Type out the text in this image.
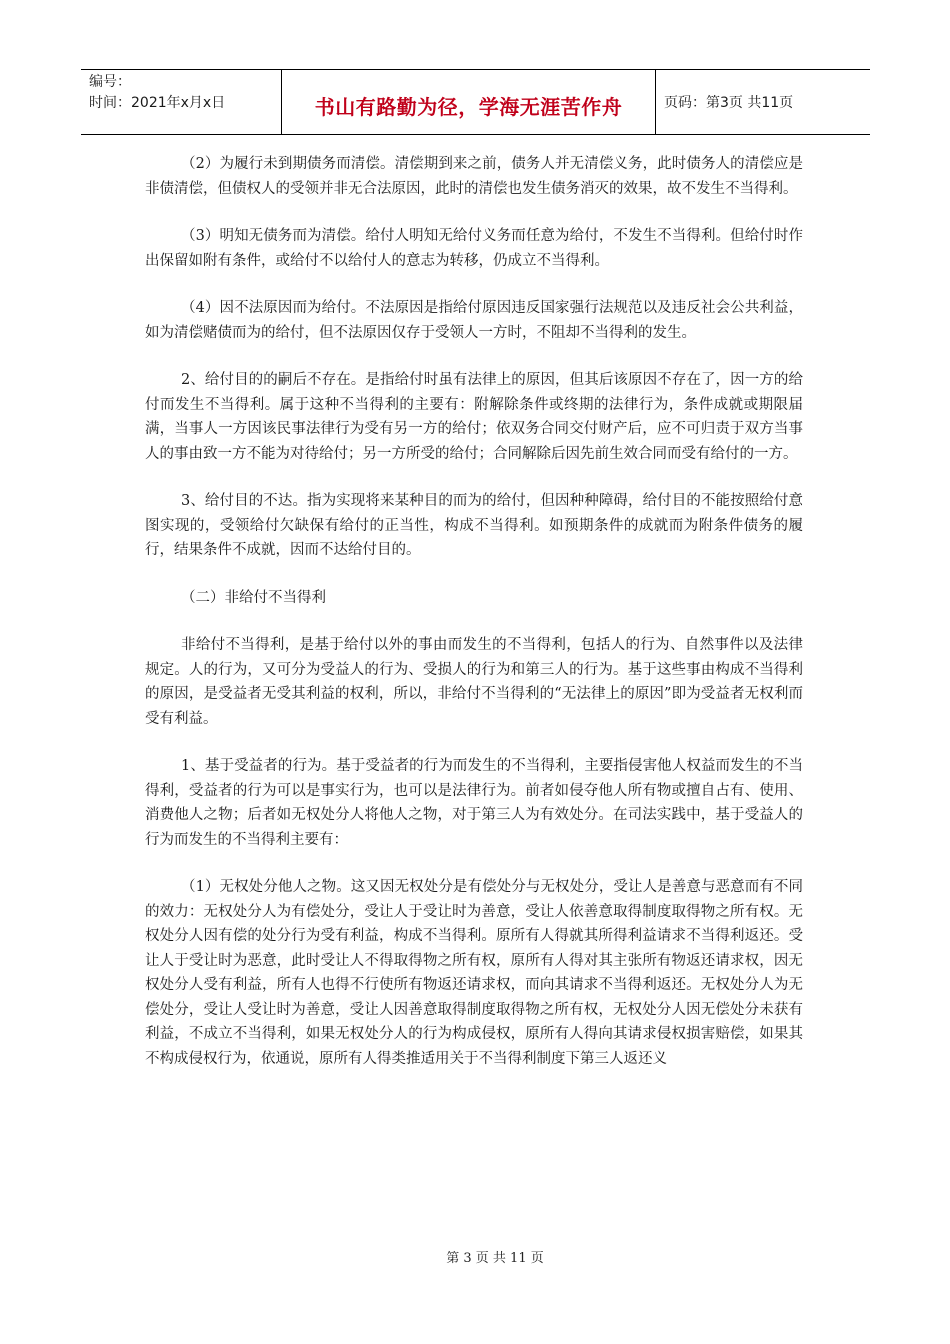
编号：
时间：2021年x月x日	书山有路勤为径，学海无涯苦作舟	页码：第3页 共11页

（2）为履行未到期债务而清偿。清偿期到来之前，债务人并无清偿义务，此时债务人的清偿应是非债清偿，但债权人的受领并非无合法原因，此时的清偿也发生债务消灭的效果，故不发生不当得利。

（3）明知无债务而为清偿。给付人明知无给付义务而任意为给付，不发生不当得利。但给付时作出保留如附有条件，或给付不以给付人的意志为转移，仍成立不当得利。

（4）因不法原因而为给付。不法原因是指给付原因违反国家强行法规范以及违反社会公共利益，如为清偿赌债而为的给付，但不法原因仅存于受领人一方时，不阻却不当得利的发生。

2、给付目的的嗣后不存在。是指给付时虽有法律上的原因，但其后该原因不存在了，因一方的给付而发生不当得利。属于这种不当得利的主要有：附解除条件或终期的法律行为，条件成就或期限届满，当事人一方因该民事法律行为受有另一方的给付；依双务合同交付财产后，应不可归责于双方当事人的事由致一方不能为对待给付；另一方所受的给付；合同解除后因先前生效合同而受有给付的一方。

3、给付目的不达。指为实现将来某种目的而为的给付，但因种种障碍，给付目的不能按照给付意图实现的，受领给付欠缺保有给付的正当性，构成不当得利。如预期条件的成就而为附条件债务的履行，结果条件不成就，因而不达给付目的。

（二）非给付不当得利

非给付不当得利，是基于给付以外的事由而发生的不当得利，包括人的行为、自然事件以及法律规定。人的行为，又可分为受益人的行为、受损人的行为和第三人的行为。基于这些事由构成不当得利的原因，是受益者无受其利益的权利，所以，非给付不当得利的“无法律上的原因”即为受益者无权利而受有利益。

1、基于受益者的行为。基于受益者的行为而发生的不当得利，主要指侵害他人权益而发生的不当得利，受益者的行为可以是事实行为，也可以是法律行为。前者如侵夺他人所有物或擅自占有、使用、消费他人之物；后者如无权处分人将他人之物，对于第三人为有效处分。在司法实践中，基于受益人的行为而发生的不当得利主要有：

（1）无权处分他人之物。这又因无权处分是有偿处分与无权处分，受让人是善意与恶意而有不同的效力：无权处分人为有偿处分，受让人于受让时为善意，受让人依善意取得制度取得物之所有权。无权处分人因有偿的处分行为受有利益，构成不当得利。原所有人得就其所得利益请求不当得利返还。受让人于受让时为恶意，此时受让人不得取得物之所有权，原所有人得对其主张所有物返还请求权，因无权处分人受有利益，所有人也得不行使所有物返还请求权，而向其请求不当得利返还。无权处分人为无偿处分，受让人受让时为善意，受让人因善意取得制度取得物之所有权，无权处分人因无偿处分未获有利益，不成立不当得利，如果无权处分人的行为构成侵权，原所有人得向其请求侵权损害赔偿，如果其不构成侵权行为，依通说，原所有人得类推适用关于不当得利制度下第三人返还义

第 3 页 共 11 页
